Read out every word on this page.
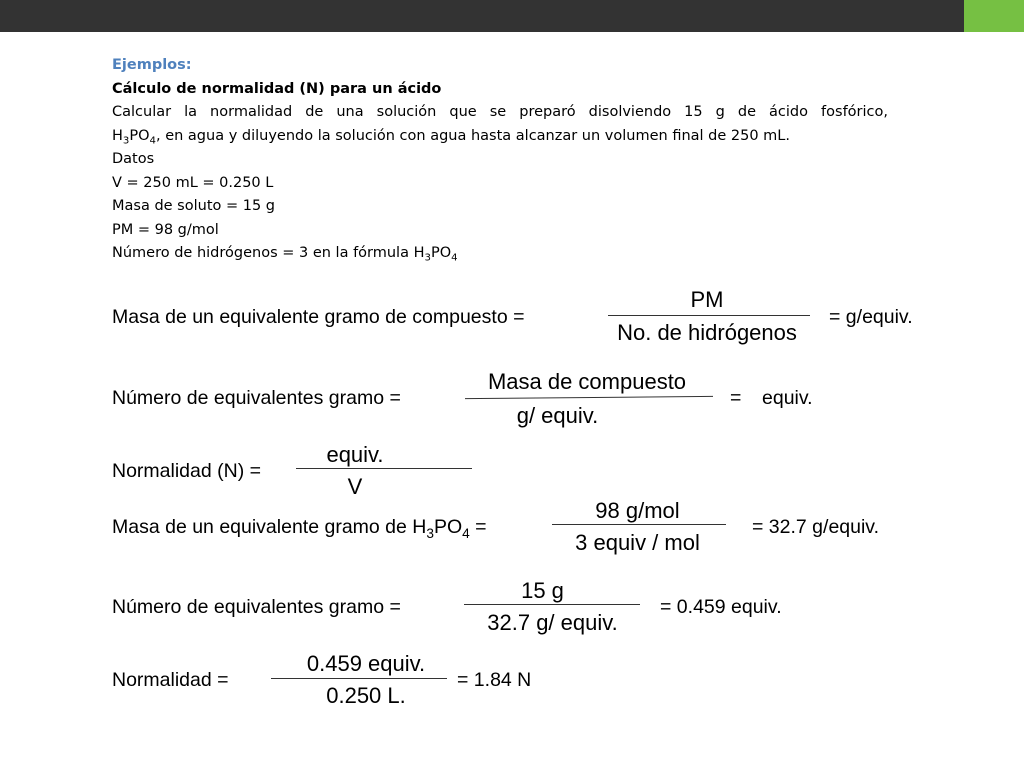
Ejemplos:
Cálculo de normalidad (N) para un ácido
Calcular la normalidad de una solución que se preparó disolviendo 15 g de ácido fosfórico,
$H_3PO_4$, en agua y diluyendo la solución con agua hasta alcanzar un volumen final de 250 mL.
Datos
V = 250 mL = 0.250 L
Masa de soluto = 15 g
PM = 98 g/mol
Número de hidrógenos = 3 en la fórmula $H_3PO_4$
Masa de un equivalente gramo de compuesto =
PM
No. de hidrógenos
= g/equiv.
Número de equivalentes gramo =
Masa de compuesto
g/ equiv.
= equiv.
Normalidad (N) =
equiv.
V
Masa de un equivalente gramo de $H_3PO_4$ =
98 g/mol
3 equiv / mol
= 32.7 g/equiv.
Número de equivalentes gramo =
15 g
32.7 g/ equiv.
= 0.459 equiv.
Normalidad =
0.459 equiv.
0.250 L.
= 1.84 N
